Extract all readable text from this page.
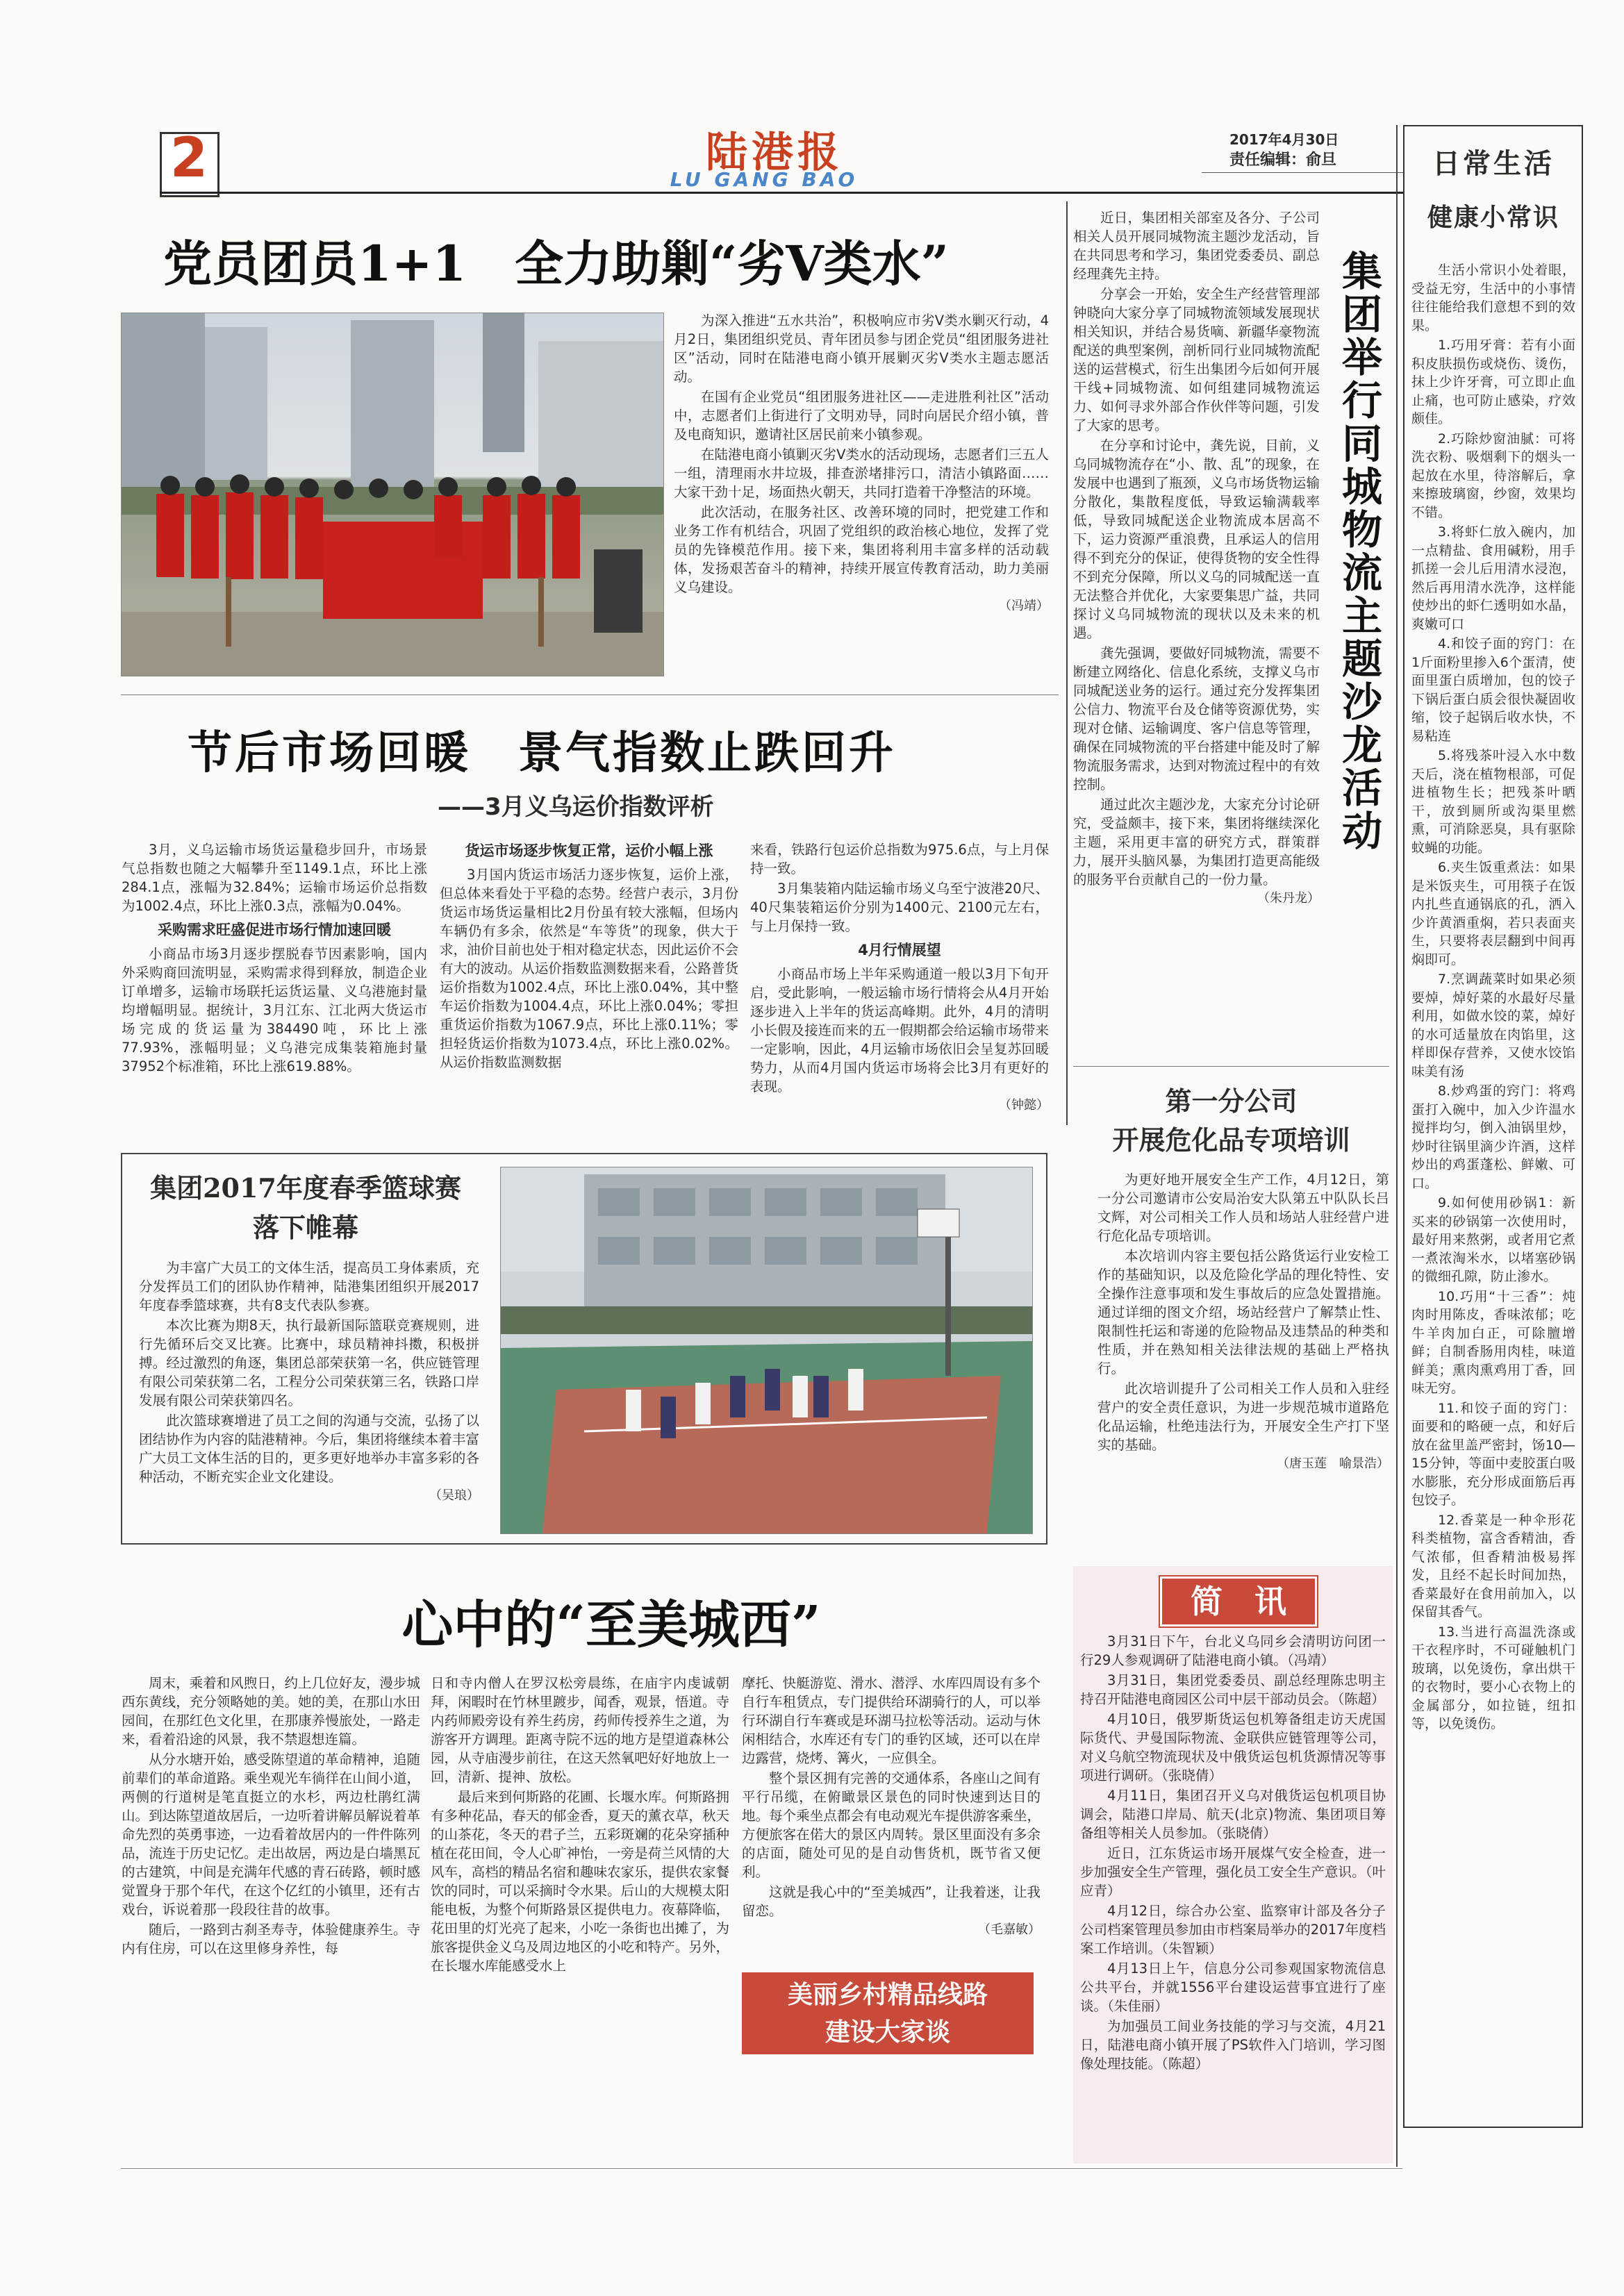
2	陆港报
LU GANG BAO
2017年4月30日
责任编辑：俞旦
党员团员1+1　全力助剿“劣Ⅴ类水”

为深入推进“五水共治”，积极响应市劣Ⅴ类水剿灭行动，4月2日，集团组织党员、青年团员参与团企党员“组团服务进社区”活动，同时在陆港电商小镇开展剿灭劣Ⅴ类水主题志愿活动。

在国有企业党员“组团服务进社区——走进胜利社区”活动中，志愿者们上街进行了文明劝导，同时向居民介绍小镇，普及电商知识，邀请社区居民前来小镇参观。

在陆港电商小镇剿灭劣Ⅴ类水的活动现场，志愿者们三五人一组，清理雨水井垃圾，排查淤堵排污口，清洁小镇路面……大家干劲十足，场面热火朝天，共同打造着干净整洁的环境。

此次活动，在服务社区、改善环境的同时，把党建工作和业务工作有机结合，巩固了党组织的政治核心地位，发挥了党员的先锋模范作用。接下来，集团将利用丰富多样的活动载体，发扬艰苦奋斗的精神，持续开展宣传教育活动，助力美丽义乌建设。

（冯靖）

近日，集团相关部室及各分、子公司相关人员开展同城物流主题沙龙活动，旨在共同思考和学习，集团党委委员、副总经理龚先主持。

分享会一开始，安全生产经营管理部钟晓向大家分享了同城物流领域发展现状相关知识，并结合易货嘀、新疆华豪物流配送的典型案例，剖析同行业同城物流配送的运营模式，衍生出集团今后如何开展干线+同城物流、如何组建同城物流运力、如何寻求外部合作伙伴等问题，引发了大家的思考。

在分享和讨论中，龚先说，目前，义乌同城物流存在“小、散、乱”的现象，在发展中也遇到了瓶颈，义乌市场货物运输分散化，集散程度低，导致运输满载率低，导致同城配送企业物流成本居高不下，运力资源严重浪费，且承运人的信用得不到充分的保证，使得货物的安全性得不到充分保障，所以义乌的同城配送一直无法整合并优化，大家要集思广益，共同探讨义乌同城物流的现状以及未来的机遇。

龚先强调，要做好同城物流，需要不断建立网络化、信息化系统，支撑义乌市同城配送业务的运行。通过充分发挥集团公信力、物流平台及仓储等资源优势，实现对仓储、运输调度、客户信息等管理，确保在同城物流的平台搭建中能及时了解物流服务需求，达到对物流过程中的有效控制。

通过此次主题沙龙，大家充分讨论研究，受益颇丰，接下来，集团将继续深化主题，采用更丰富的研究方式，群策群力，展开头脑风暴，为集团打造更高能级的服务平台贡献自己的一份力量。

（朱丹龙）

集团举行同城物流主题沙龙活动
日常生活
健康小常识

生活小常识小处着眼，受益无穷，生活中的小事情往往能给我们意想不到的效果。

1.巧用牙膏：若有小面积皮肤损伤或烧伤、烫伤，抹上少许牙膏，可立即止血止痛，也可防止感染，疗效颇佳。

2.巧除炒窗油腻：可将洗衣粉、吸烟剩下的烟头一起放在水里，待溶解后，拿来擦玻璃窗，纱窗，效果均不错。

3.将虾仁放入碗内，加一点精盐、食用碱粉，用手抓搓一会儿后用清水浸泡，然后再用清水洗净，这样能使炒出的虾仁透明如水晶，爽嫩可口

4.和饺子面的窍门：在1斤面粉里掺入6个蛋清，使面里蛋白质增加，包的饺子下锅后蛋白质会很快凝固收缩，饺子起锅后收水快，不易粘连

5.将残茶叶浸入水中数天后，浇在植物根部，可促进植物生长；把残茶叶晒干，放到厕所或沟渠里燃熏，可消除恶臭，具有驱除蚊蝇的功能。

6.夹生饭重煮法：如果是米饭夹生，可用筷子在饭内扎些直通锅底的孔，洒入少许黄酒重焖，若只表面夹生，只要将表层翻到中间再焖即可。

7.烹调蔬菜时如果必须要焯，焯好菜的水最好尽量利用，如做水饺的菜，焯好的水可适量放在肉馅里，这样即保存营养，又使水饺馅味美有汤

8.炒鸡蛋的窍门：将鸡蛋打入碗中，加入少许温水搅拌均匀，倒入油锅里炒，炒时往锅里滴少许酒，这样炒出的鸡蛋蓬松、鲜嫩、可口。

9.如何使用砂锅1：新买来的砂锅第一次使用时，最好用来熬粥，或者用它煮一煮浓淘米水，以堵塞砂锅的微细孔隙，防止渗水。

10.巧用“十三香”：炖肉时用陈皮，香味浓郁；吃牛羊肉加白正，可除膻增鲜；自制香肠用肉桂，味道鲜美；熏肉熏鸡用丁香，回味无穷。

11.和饺子面的窍门：面要和的略硬一点，和好后放在盆里盖严密封，饧10—15分钟，等面中麦胶蛋白吸水膨胀，充分形成面筋后再包饺子。

12.香菜是一种伞形花科类植物，富含香精油，香气浓郁，但香精油极易挥发，且经不起长时间加热，香菜最好在食用前加入，以保留其香气。

13.当进行高温洗涤或干衣程序时，不可碰触机门玻璃，以免烫伤，拿出烘干的衣物时，要小心衣物上的金属部分，如拉链，纽扣等，以免烫伤。

节后市场回暖　景气指数止跌回升
——3月义乌运价指数评析

3月，义乌运输市场货运量稳步回升，市场景气总指数也随之大幅攀升至1149.1点，环比上涨284.1点，涨幅为32.84%；运输市场运价总指数为1002.4点，环比上涨0.3点，涨幅为0.04%。

采购需求旺盛促进市场行情加速回暖

小商品市场3月逐步摆脱春节因素影响，国内外采购商回流明显，采购需求得到释放，制造企业订单增多，运输市场联托运货运量、义乌港施封量均增幅明显。据统计，3月江东、江北两大货运市场完成的货运量为384490吨，环比上涨77.93%，涨幅明显；义乌港完成集装箱施封量37952个标准箱，环比上涨619.88%。

货运市场逐步恢复正常，运价小幅上涨

3月国内货运市场活力逐步恢复，运价上涨，但总体来看处于平稳的态势。经营户表示，3月份货运市场货运量相比2月份虽有较大涨幅，但场内车辆仍有多余，依然是“车等货”的现象，供大于求，油价目前也处于相对稳定状态，因此运价不会有大的波动。从运价指数监测数据来看，公路普货运价指数为1002.4点，环比上涨0.04%，其中整车运价指数为1004.4点，环比上涨0.04%；零担重货运价指数为1067.9点，环比上涨0.11%；零担轻货运价指数为1073.4点，环比上涨0.02%。从运价指数监测数据

来看，铁路行包运价总指数为975.6点，与上月保持一致。

3月集装箱内陆运输市场义乌至宁波港20尺、40尺集装箱运价分别为1400元、2100元左右，与上月保持一致。

4月行情展望

小商品市场上半年采购通道一般以3月下旬开启，受此影响，一般运输市场行情将会从4月开始逐步进入上半年的货运高峰期。此外，4月的清明小长假及接连而来的五一假期都会给运输市场带来一定影响，因此，4月运输市场依旧会呈复苏回暖势力，从而4月国内货运市场将会比3月有更好的表现。

（钟懿）	第一分公司
开展危化品专项培训

为更好地开展安全生产工作，4月12日，第一分公司邀请市公安局治安大队第五中队队长吕文辉，对公司相关工作人员和场站人驻经营户进行危化品专项培训。

本次培训内容主要包括公路货运行业安检工作的基础知识，以及危险化学品的理化特性、安全操作注意事项和发生事故后的应急处置措施。通过详细的图文介绍，场站经营户了解禁止性、限制性托运和寄递的危险物品及违禁品的种类和性质，并在熟知相关法律法规的基础上严格执行。

此次培训提升了公司相关工作人员和入驻经营户的安全责任意识，为进一步规范城市道路危化品运输，杜绝违法行为，开展安全生产打下坚实的基础。

（唐玉莲　喻景浩）

集团2017年度春季篮球赛
落下帷幕

为丰富广大员工的文体生活，提高员工身体素质，充分发挥员工们的团队协作精神，陆港集团组织开展2017年度春季篮球赛，共有8支代表队参赛。

本次比赛为期8天，执行最新国际篮联竞赛规则，进行先循环后交叉比赛。比赛中，球员精神抖擞，积极拼搏。经过激烈的角逐，集团总部荣获第一名，供应链管理有限公司荣获第二名，工程分公司荣获第三名，铁路口岸发展有限公司荣获第四名。

此次篮球赛增进了员工之间的沟通与交流，弘扬了以团结协作为内容的陆港精神。今后，集团将继续本着丰富广大员工文体生活的目的，更多更好地举办丰富多彩的各种活动，不断充实企业文化建设。

（吴琅）

简　讯

3月31日下午，台北义乌同乡会清明访问团一行29人参观调研了陆港电商小镇。（冯靖）

3月31日，集团党委委员、副总经理陈忠明主持召开陆港电商园区公司中层干部动员会。（陈超）

4月10日，俄罗斯货运包机筹备组走访天虎国际货代、尹曼国际物流、金联供应链管理等公司，对义乌航空物流现状及中俄货运包机货源情况等事项进行调研。（张晓倩）

4月11日，集团召开义乌对俄货运包机项目协调会，陆港口岸局、航天(北京)物流、集团项目筹备组等相关人员参加。（张晓倩）

近日，江东货运市场开展煤气安全检查，进一步加强安全生产管理，强化员工安全生产意识。（叶应青）

4月12日，综合办公室、监察审计部及各分子公司档案管理员参加由市档案局举办的2017年度档案工作培训。（朱智颖）

4月13日上午，信息分公司参观国家物流信息公共平台，并就1556平台建设运营事宜进行了座谈。（朱佳丽）

为加强员工间业务技能的学习与交流，4月21日，陆港电商小镇开展了PS软件入门培训，学习图像处理技能。（陈超）

心中的“至美城西”

周末，乘着和风煦日，约上几位好友，漫步城西东黄线，充分领略她的美。她的美，在那山水田园间，在那红色文化里，在那康养慢旅处，一路走来，看着沿途的风景，我不禁遐想连篇。

从分水塘开始，感受陈望道的革命精神，追随前辈们的革命道路。乘坐观光车徜徉在山间小道，两侧的行道树是笔直挺立的水杉，两边杜鹃红满山。到达陈望道故居后，一边听着讲解员解说着革命先烈的英勇事迹，一边看着故居内的一件件陈列品，流连于历史记忆。走出故居，两边是白墙黑瓦的古建筑，中间是充满年代感的青石砖路，顿时感觉置身于那个年代，在这个亿红的小镇里，还有古戏台，诉说着那一段段往昔的故事。

随后，一路到古刹圣寿寺，体验健康养生。寺内有住房，可以在这里修身养性，每

日和寺内僧人在罗汉松旁晨练，在庙宇内虔诚朝拜，闲暇时在竹林里踱步，闻香，观景，悟道。寺内药师殿旁设有养生药房，药师传授养生之道，为游客开方调理。距离寺院不远的地方是望道森林公园，从寺庙漫步前往，在这天然氧吧好好地放上一回，清新、提神、放松。

最后来到何斯路的花圃、长堰水库。何斯路拥有多种花品，春天的郁金香，夏天的薰衣草，秋天的山茶花，冬天的君子兰，五彩斑斓的花朵穿插种植在花田间，令人心旷神怡，一旁是荷兰风情的大风车，高档的精品名宿和趣味农家乐，提供农家餐饮的同时，可以采摘时令水果。后山的大规模太阳能电板，为整个何斯路景区提供电力。夜幕降临，花田里的灯光亮了起来，小吃一条街也出摊了，为旅客提供金义乌及周边地区的小吃和特产。另外，在长堰水库能感受水上

摩托、快艇游览、滑水、潜浮、水库四周设有多个自行车租赁点，专门提供给环湖骑行的人，可以举行环湖自行车赛或是环湖马拉松等活动。运动与休闲相结合，水库还有专门的垂钓区域，还可以在岸边露营，烧烤、篝火，一应俱全。

整个景区拥有完善的交通体系，各座山之间有平行吊缆，在俯瞰景区景色的同时快速到达目的地。每个乘坐点都会有电动观光车提供游客乘坐，方便旅客在偌大的景区内周转。景区里面没有多余的店面，随处可见的是自动售货机，既节省又便利。

这就是我心中的“至美城西”，让我着迷，让我留恋。

（毛嘉敏）

美丽乡村精品线路
建设大家谈
